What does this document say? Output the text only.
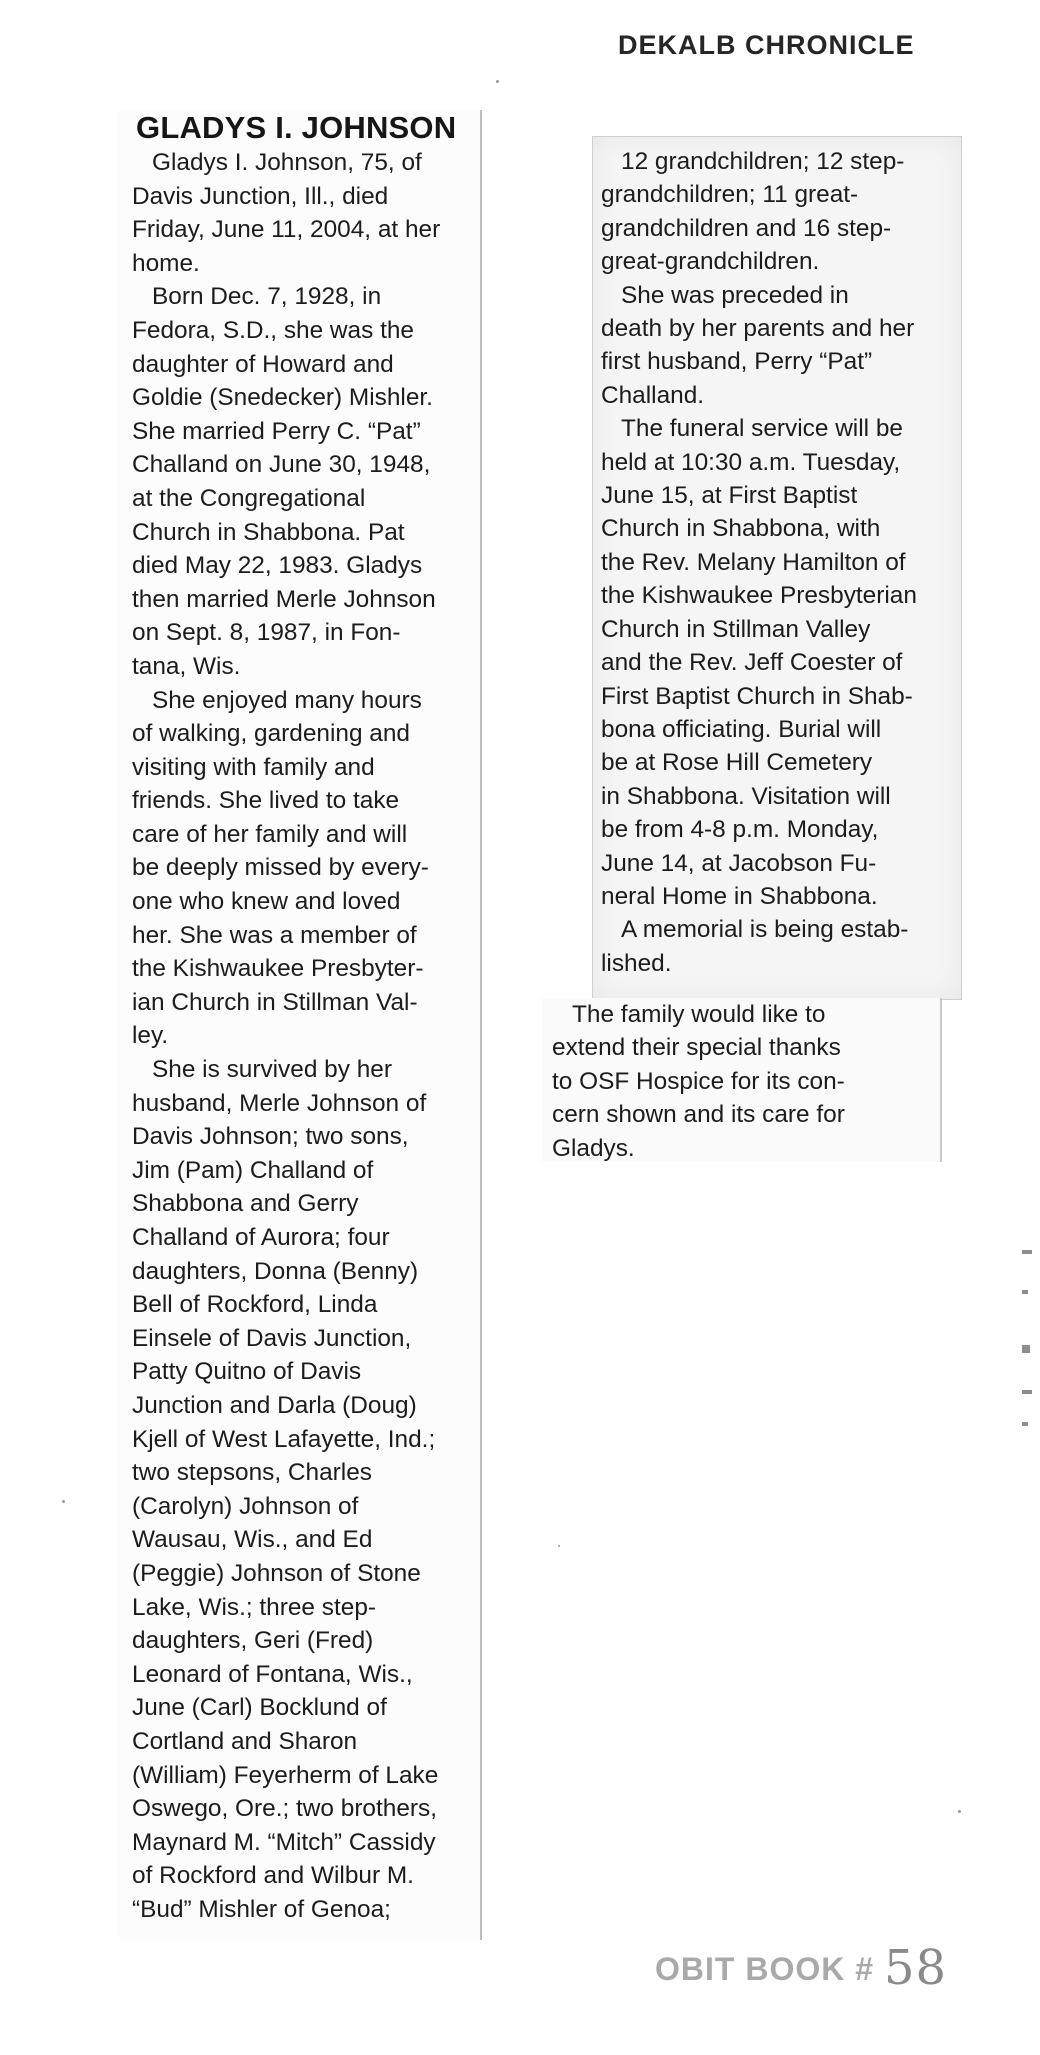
DEKALB CHRONICLE
GLADYS I. JOHNSON

Gladys I. Johnson, 75, of
Davis Junction, Ill., died
Friday, June 11, 2004, at her
home.

Born Dec. 7, 1928, in
Fedora, S.D., she was the
daughter of Howard and
Goldie (Snedecker) Mishler.
She married Perry C. “Pat”
Challand on June 30, 1948,
at the Congregational
Church in Shabbona. Pat
died May 22, 1983. Gladys
then married Merle Johnson
on Sept. 8, 1987, in Fon-
tana, Wis.

She enjoyed many hours
of walking, gardening and
visiting with family and
friends. She lived to take
care of her family and will
be deeply missed by every-
one who knew and loved
her. She was a member of
the Kishwaukee Presbyter-
ian Church in Stillman Val-
ley.

She is survived by her
husband, Merle Johnson of
Davis Johnson; two sons,
Jim (Pam) Challand of
Shabbona and Gerry
Challand of Aurora; four
daughters, Donna (Benny)
Bell of Rockford, Linda
Einsele of Davis Junction,
Patty Quitno of Davis
Junction and Darla (Doug)
Kjell of West Lafayette, Ind.;
two stepsons, Charles
(Carolyn) Johnson of
Wausau, Wis., and Ed
(Peggie) Johnson of Stone
Lake, Wis.; three step-
daughters, Geri (Fred)
Leonard of Fontana, Wis.,
June (Carl) Bocklund of
Cortland and Sharon
(William) Feyerherm of Lake
Oswego, Ore.; two brothers,
Maynard M. “Mitch” Cassidy
of Rockford and Wilbur M.
“Bud” Mishler of Genoa;

12 grandchildren; 12 step-
grandchildren; 11 great-
grandchildren and 16 step-
great-grandchildren.

She was preceded in
death by her parents and her
first husband, Perry “Pat”
Challand.

The funeral service will be
held at 10:30 a.m. Tuesday,
June 15, at First Baptist
Church in Shabbona, with
the Rev. Melany Hamilton of
the Kishwaukee Presbyterian
Church in Stillman Valley
and the Rev. Jeff Coester of
First Baptist Church in Shab-
bona officiating. Burial will
be at Rose Hill Cemetery
in Shabbona. Visitation will
be from 4-8 p.m. Monday,
June 14, at Jacobson Fu-
neral Home in Shabbona.

A memorial is being estab-
lished.

The family would like to
extend their special thanks
to OSF Hospice for its con-
cern shown and its care for
Gladys.

OBIT BOOK # 58
